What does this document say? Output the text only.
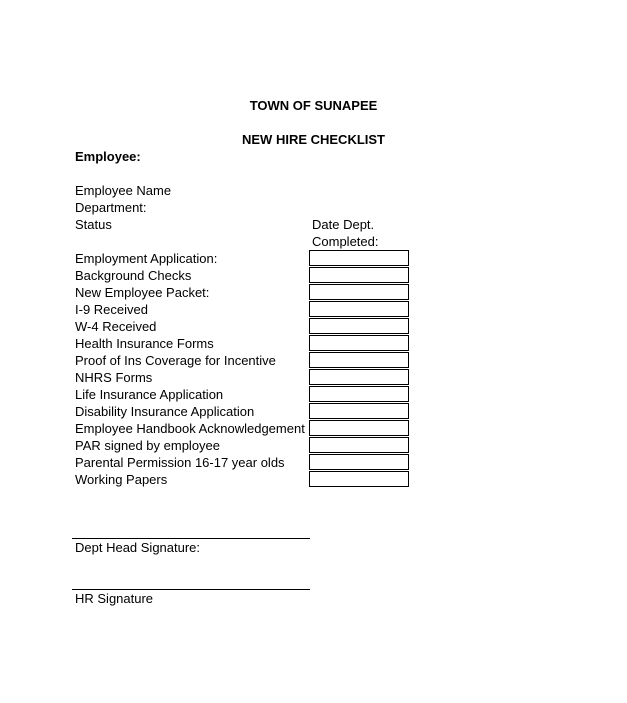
TOWN OF SUNAPEE
NEW HIRE CHECKLIST
Employee:
Employee Name
Department:
Status	Date Dept.
Completed:
Employment Application:
Background Checks
New Employee Packet:
I-9 Received
W-4 Received
Health Insurance Forms
Proof of Ins Coverage for Incentive
NHRS Forms
Life Insurance Application
Disability Insurance Application
Employee Handbook Acknowledgement
PAR signed by employee
Parental Permission 16-17 year olds
Working Papers
Dept Head Signature:
HR Signature
